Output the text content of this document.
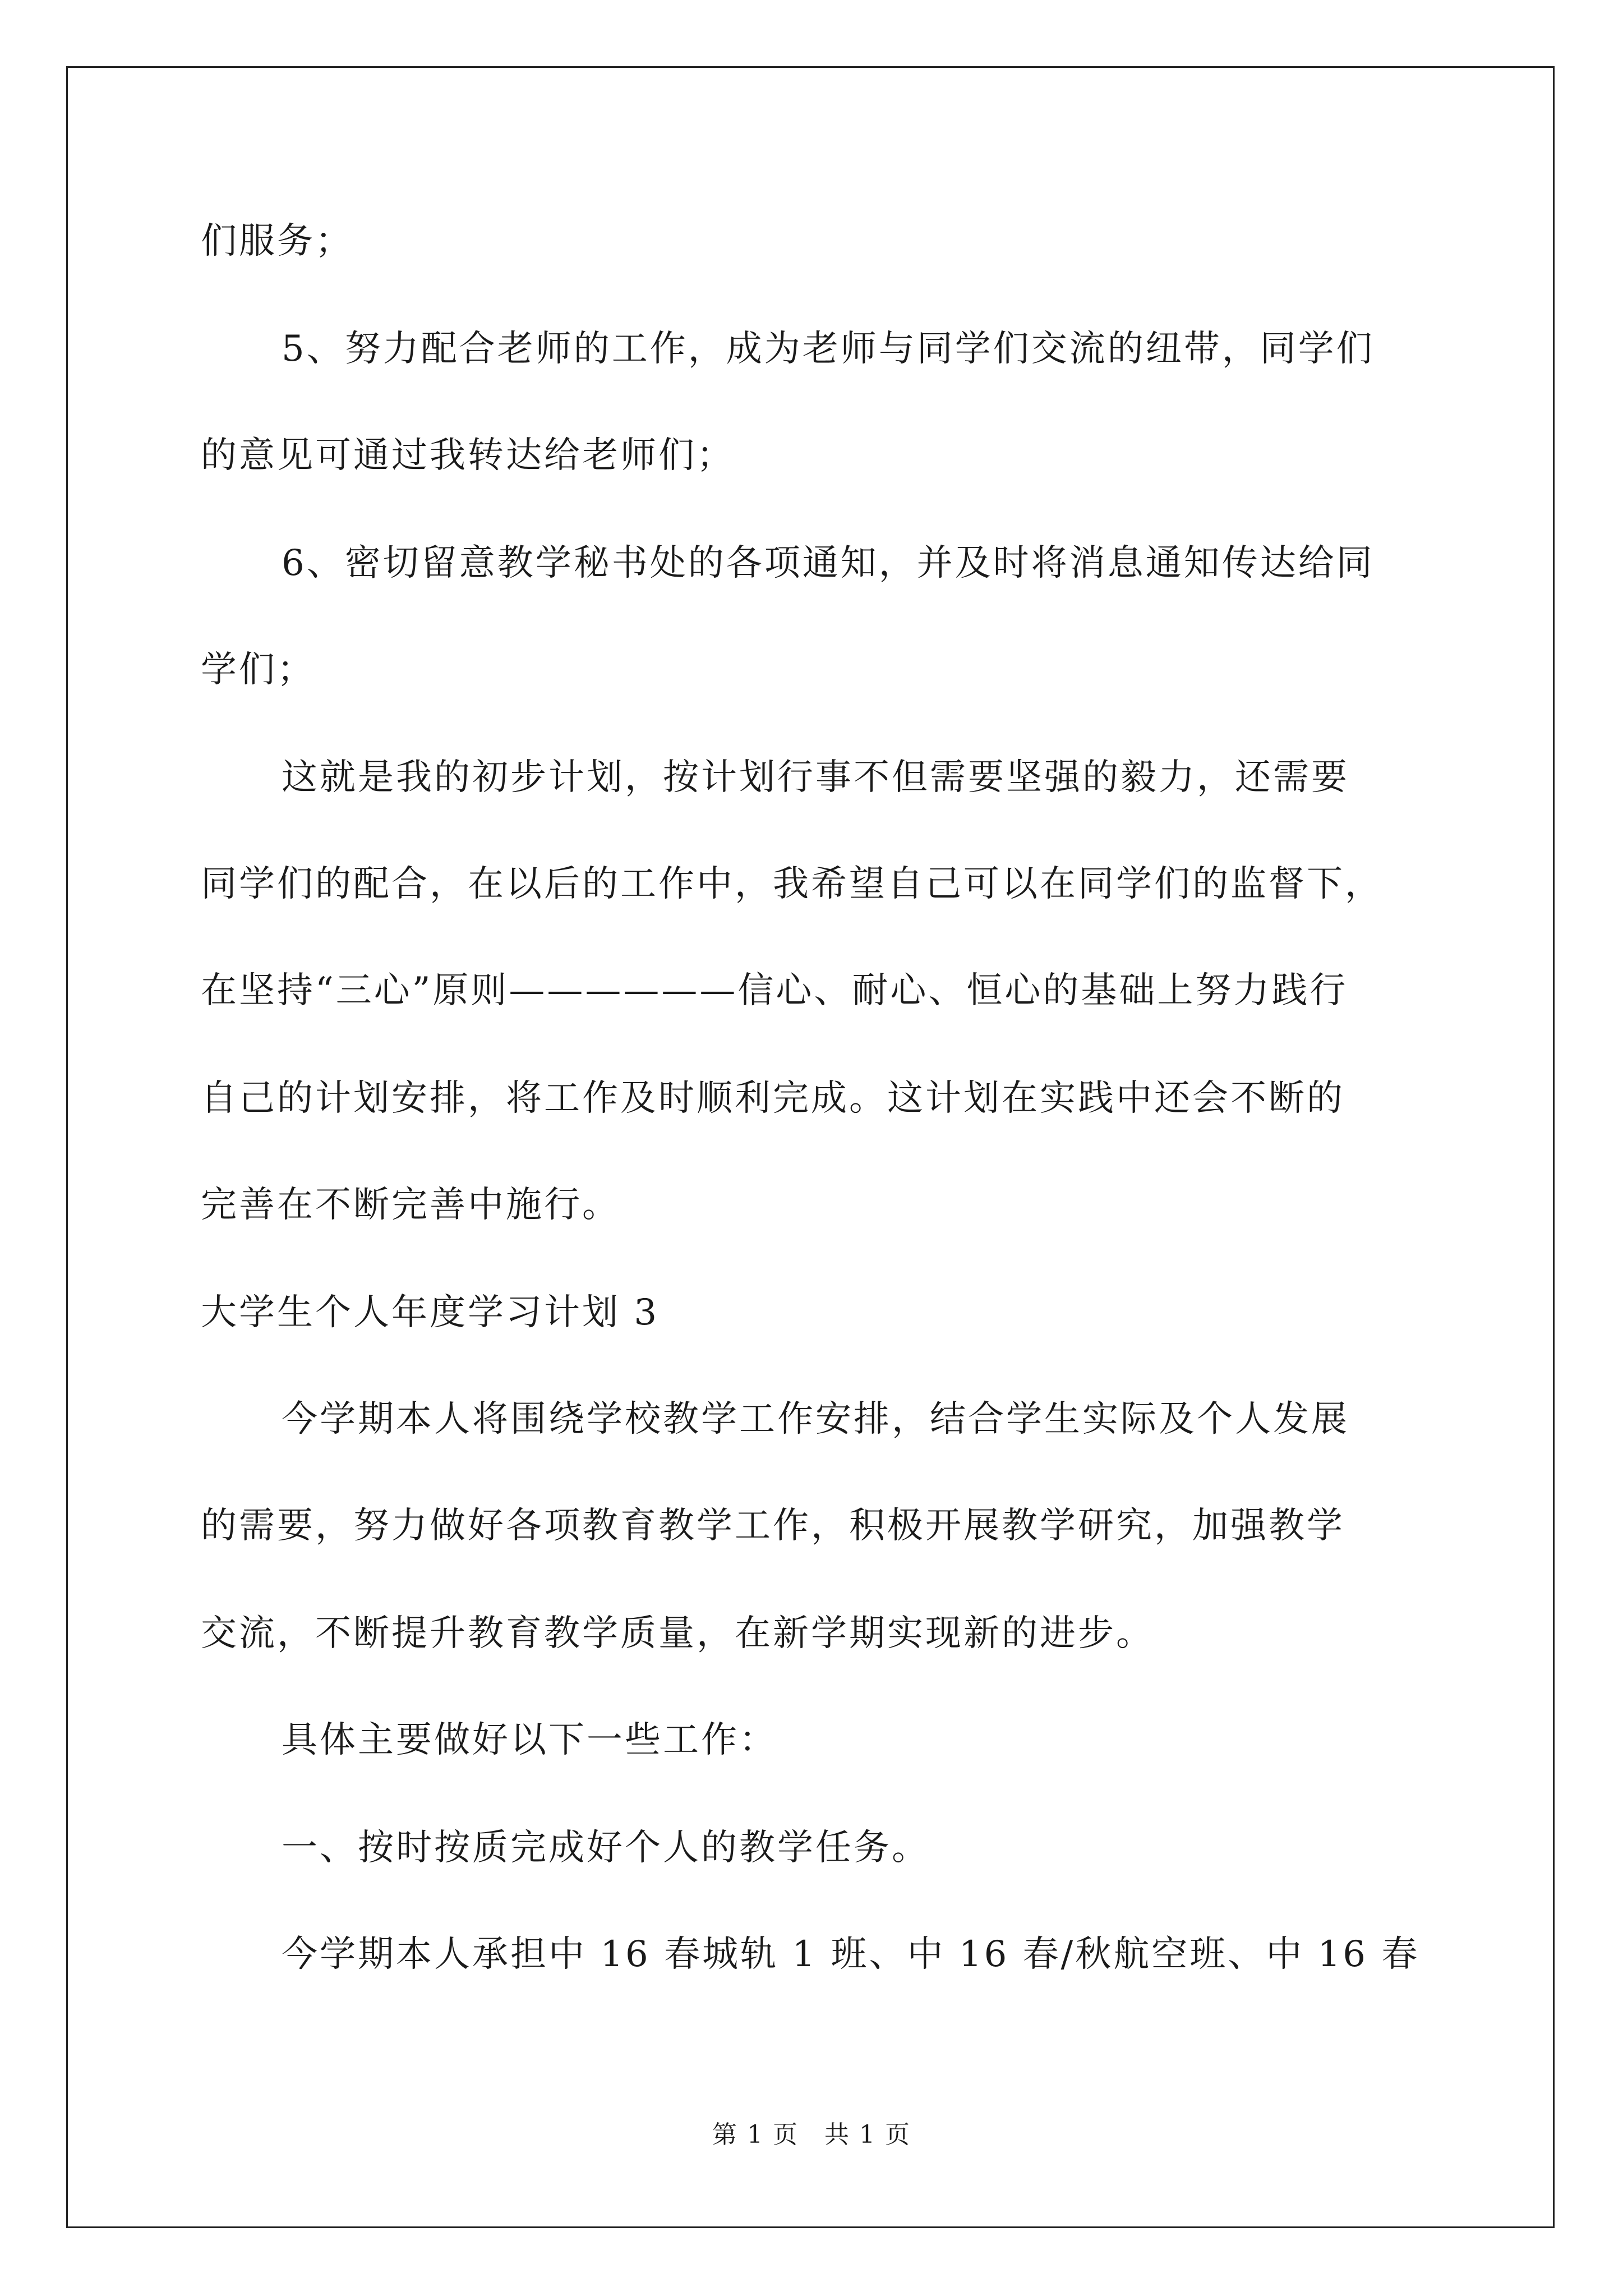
们服务；
5、努力配合老师的工作，成为老师与同学们交流的纽带，同学们
的意见可通过我转达给老师们；
6、密切留意教学秘书处的各项通知，并及时将消息通知传达给同
学们；
这就是我的初步计划，按计划行事不但需要坚强的毅力，还需要
同学们的配合，在以后的工作中，我希望自己可以在同学们的监督下，
在坚持“三心”原则——————信心、耐心、恒心的基础上努力践行
自己的计划安排，将工作及时顺利完成。这计划在实践中还会不断的
完善在不断完善中施行。
大学生个人年度学习计划 3
今学期本人将围绕学校教学工作安排，结合学生实际及个人发展
的需要，努力做好各项教育教学工作，积极开展教学研究，加强教学
交流，不断提升教育教学质量，在新学期实现新的进步。
具体主要做好以下一些工作：
一、按时按质完成好个人的教学任务。
今学期本人承担中 16 春城轨 1 班、中 16 春/秋航空班、中 16 春
第 1 页　共 1 页
